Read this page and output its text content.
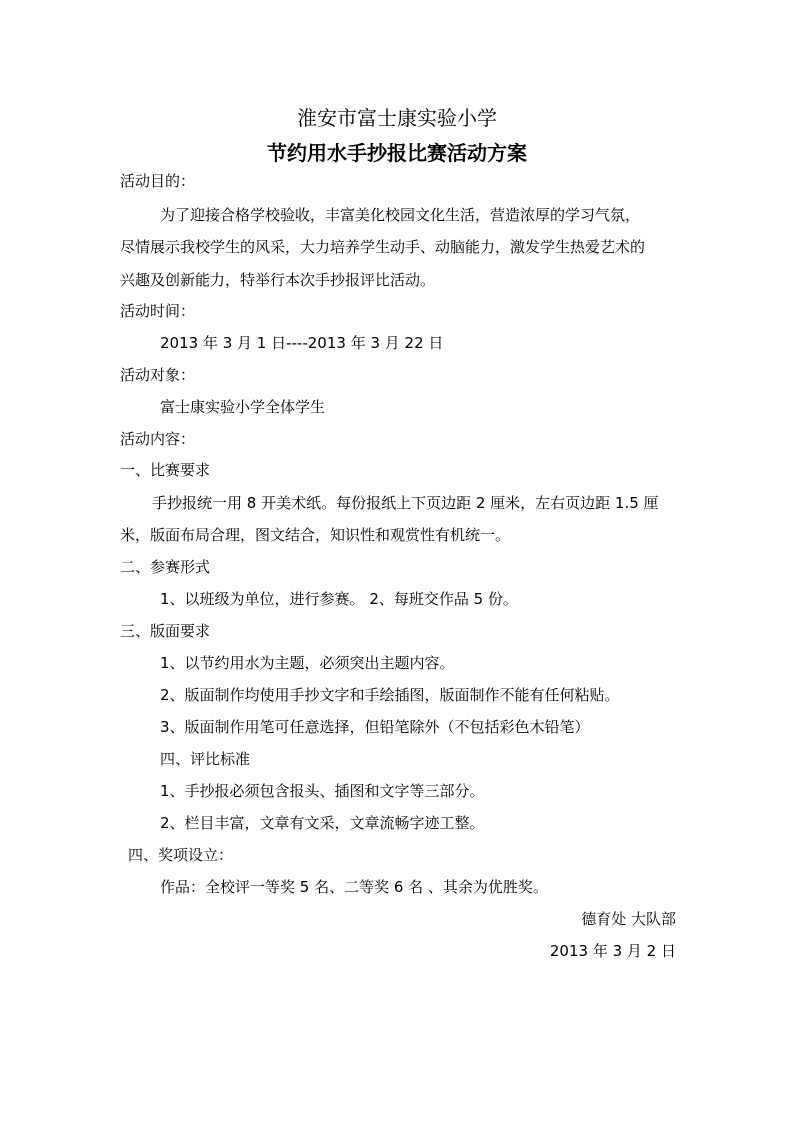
淮安市富士康实验小学
节约用水手抄报比赛活动方案
活动目的：
为了迎接合格学校验收，丰富美化校园文化生活，营造浓厚的学习气氛，
尽情展示我校学生的风采，大力培养学生动手、动脑能力，激发学生热爱艺术的
兴趣及创新能力，特举行本次手抄报评比活动。
活动时间：
2013 年 3 月 1 日----2013 年 3 月 22 日
活动对象：
富士康实验小学全体学生
活动内容：
一、比赛要求
手抄报统一用 8 开美术纸。每份报纸上下页边距 2 厘米，左右页边距 1.5 厘
米，版面布局合理，图文结合，知识性和观赏性有机统一。
二、参赛形式
1、以班级为单位，进行参赛。 2、每班交作品 5 份。
三、版面要求
1、以节约用水为主题，必须突出主题内容。
2、版面制作均使用手抄文字和手绘插图，版面制作不能有任何粘贴。
3、版面制作用笔可任意选择，但铅笔除外（不包括彩色木铅笔）
四、评比标准
1、手抄报必须包含报头、插图和文字等三部分。
2、栏目丰富，文章有文采，文章流畅字迹工整。
四、奖项设立：
作品：全校评一等奖 5 名、二等奖 6 名 、其余为优胜奖。
德育处 大队部
2013 年 3 月 2 日
